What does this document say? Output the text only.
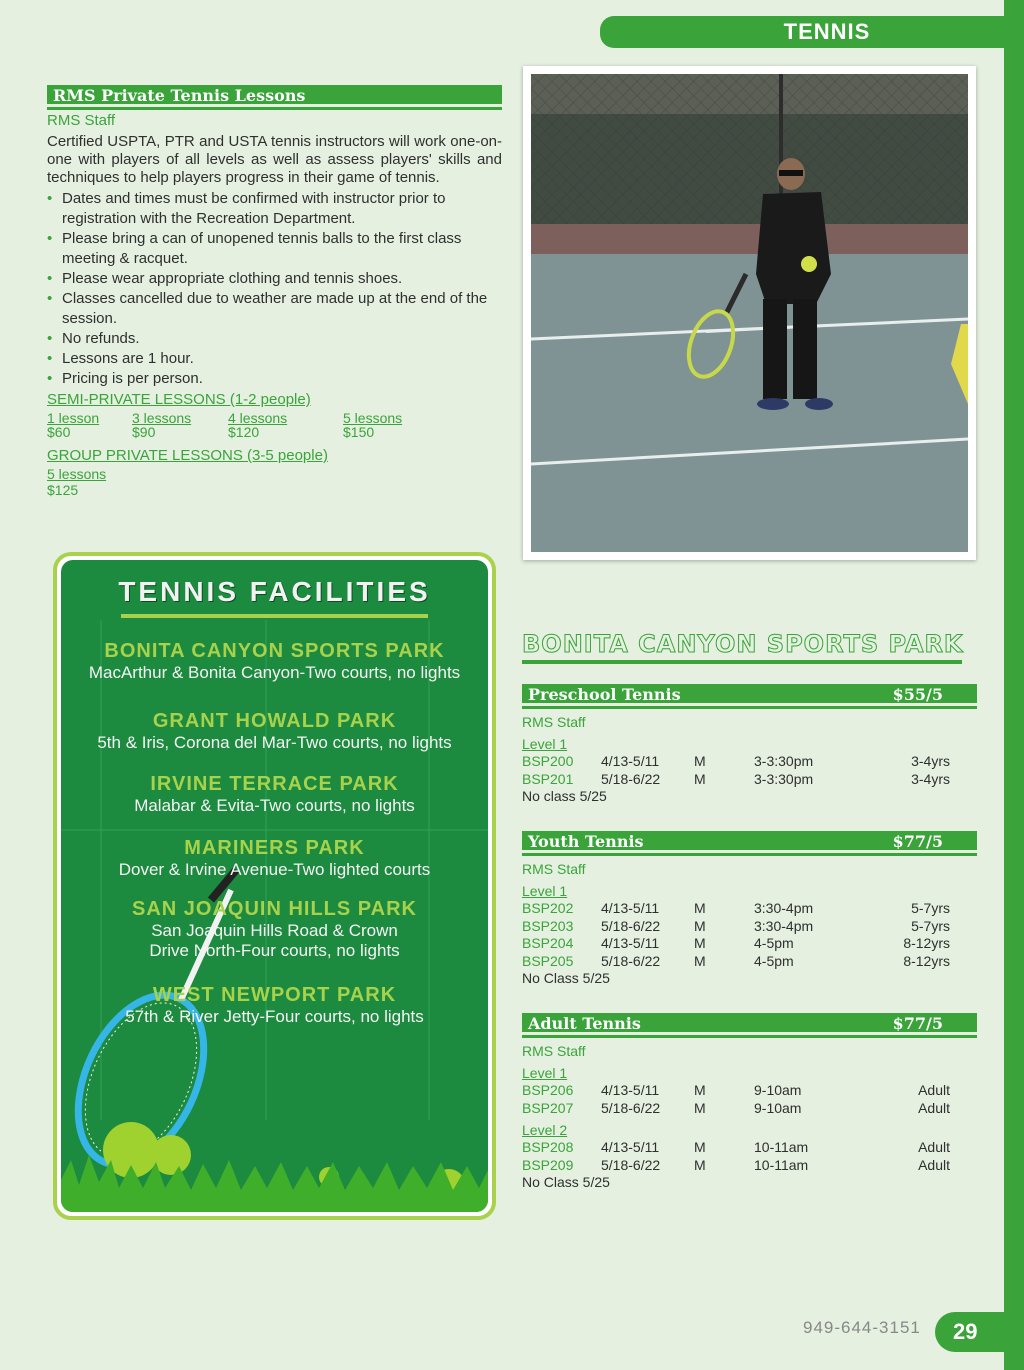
TENNIS
RMS Private Tennis Lessons
RMS Staff
Certified USPTA, PTR and USTA tennis instructors will work one-on-one with players of all levels as well as assess players' skills and techniques to help players progress in their game of tennis.
• Dates and times must be confirmed with instructor prior to registration with the Recreation Department.
• Please bring a can of unopened tennis balls to the first class meeting & racquet.
• Please wear appropriate clothing and tennis shoes.
• Classes cancelled due to weather are made up at the end of the session.
• No refunds.
• Lessons are 1 hour.
• Pricing is per person.
SEMI-PRIVATE LESSONS (1-2 people)
1 lesson
$60
3 lessons
$90
4 lessons
$120
5 lessons
$150
GROUP PRIVATE LESSONS (3-5 people)
5 lessons
$125
TENNIS FACILITIES
BONITA CANYON SPORTS PARK
MacArthur & Bonita Canyon-Two courts, no lights
GRANT HOWALD PARK
5th & Iris, Corona del Mar-Two courts, no lights
IRVINE TERRACE PARK
Malabar & Evita-Two courts, no lights
MARINERS PARK
Dover & Irvine Avenue-Two lighted courts
SAN JOAQUIN HILLS PARK
San Joaquin Hills Road & Crown Drive North-Four courts, no lights
WEST NEWPORT PARK
57th & River Jetty-Four courts, no lights
BONITA CANYON SPORTS PARK
Preschool Tennis	$55/5
RMS Staff
Level 1
BSP200	4/13-5/11	M	3-3:30pm	3-4yrs
BSP201	5/18-6/22	M	3-3:30pm	3-4yrs
No class 5/25
Youth Tennis	$77/5
RMS Staff
Level 1
BSP202	4/13-5/11	M	3:30-4pm	5-7yrs
BSP203	5/18-6/22	M	3:30-4pm	5-7yrs
BSP204	4/13-5/11	M	4-5pm	8-12yrs
BSP205	5/18-6/22	M	4-5pm	8-12yrs
No Class 5/25
Adult Tennis	$77/5
RMS Staff
Level 1
BSP206	4/13-5/11	M	9-10am	Adult
BSP207	5/18-6/22	M	9-10am	Adult
Level 2
BSP208	4/13-5/11	M	10-11am	Adult
BSP209	5/18-6/22	M	10-11am	Adult
No Class 5/25
949-644-3151 29
